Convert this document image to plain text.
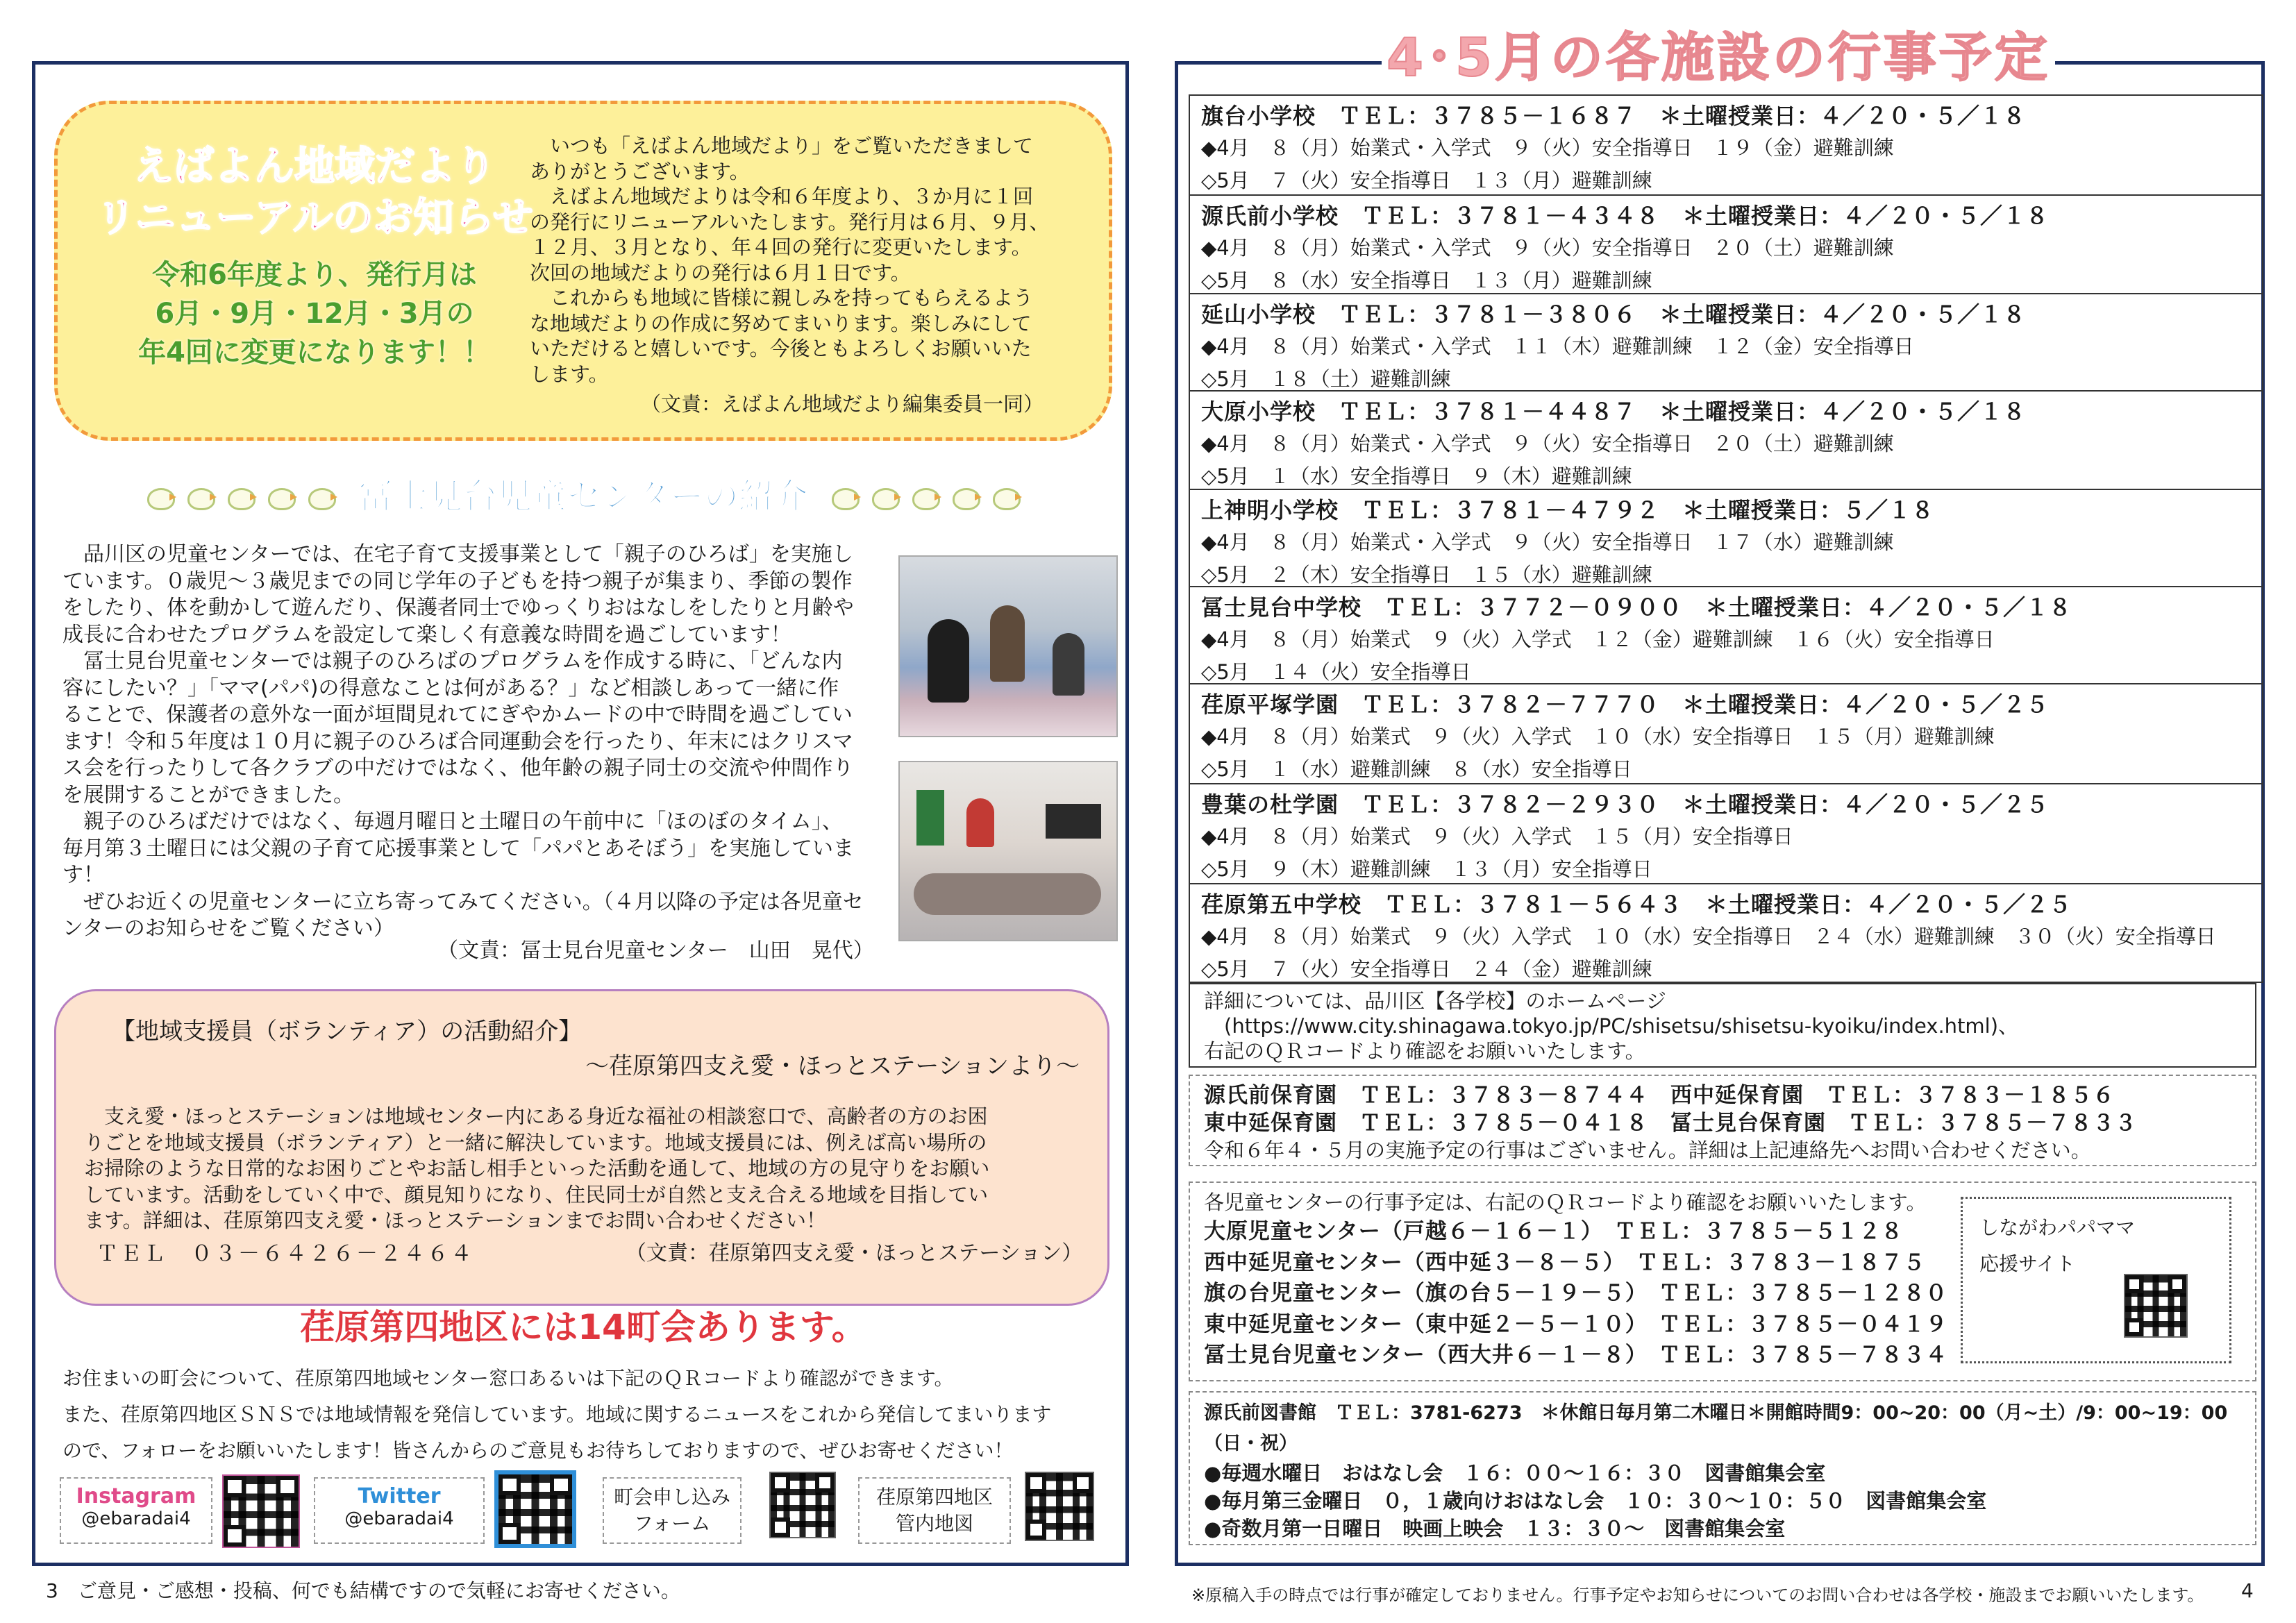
えばよん地域だより
リニューアルのお知らせ
令和6年度より、発行月は
6月・9月・12月・3月の
年4回に変更になります！！
　いつも「えばよん地域だより」をご覧いただきまして
ありがとうございます。
　えばよん地域だよりは令和６年度より、３か月に１回
の発行にリニューアルいたします。発行月は６月、９月、
１２月、３月となり、年４回の発行に変更いたします。
次回の地域だよりの発行は６月１日です。
　これからも地域に皆様に親しみを持ってもらえるよう
な地域だよりの作成に努めてまいります。楽しみにして
いただけると嬉しいです。今後ともよろしくお願いいた
します。
（文責：えばよん地域だより編集委員一同）
冨士見台児童センターの紹介
　品川区の児童センターでは、在宅子育て支援事業として「親子のひろば」を実施し
ています。０歳児～３歳児までの同じ学年の子どもを持つ親子が集まり、季節の製作
をしたり、体を動かして遊んだり、保護者同士でゆっくりおはなしをしたりと月齢や
成長に合わせたプログラムを設定して楽しく有意義な時間を過ごしています！
　冨士見台児童センターでは親子のひろばのプログラムを作成する時に、「どんな内
容にしたい？」「ママ(パパ)の得意なことは何がある？」など相談しあって一緒に作
ることで、保護者の意外な一面が垣間見れてにぎやかムードの中で時間を過ごしてい
ます！令和５年度は１０月に親子のひろば合同運動会を行ったり、年末にはクリスマ
ス会を行ったりして各クラブの中だけではなく、他年齢の親子同士の交流や仲間作り
を展開することができました。
　親子のひろばだけではなく、毎週月曜日と土曜日の午前中に「ほのぼのタイム」、
毎月第３土曜日には父親の子育て応援事業として「パパとあそぼう」を実施していま
す！
　ぜひお近くの児童センターに立ち寄ってみてください。（４月以降の予定は各児童セ
ンターのお知らせをご覧ください）
（文責：冨士見台児童センター　山田　晃代）
【地域支援員（ボランティア）の活動紹介】
～荏原第四支え愛・ほっとステーションより～
　支え愛・ほっとステーションは地域センター内にある身近な福祉の相談窓口で、高齢者の方のお困
りごとを地域支援員（ボランティア）と一緒に解決しています。地域支援員には、例えば高い場所の
お掃除のような日常的なお困りごとやお話し相手といった活動を通して、地域の方の見守りをお願い
しています。活動をしていく中で、顔見知りになり、住民同士が自然と支え合える地域を目指してい
ます。詳細は、荏原第四支え愛・ほっとステーションまでお問い合わせください！
ＴＥＬ　０３－６４２６－２４６４	（文責：荏原第四支え愛・ほっとステーション）
荏原第四地区には14町会あります。
お住まいの町会について、荏原第四地域センター窓口あるいは下記のＱＲコードより確認ができます。
また、荏原第四地区ＳＮＳでは地域情報を発信しています。地域に関するニュースをこれから発信してまいります
ので、フォローをお願いいたします！皆さんからのご意見もお待ちしておりますので、ぜひお寄せください！
Instagram
@ebaradai4
Twitter
@ebaradai4
町会申し込み
フォーム
荏原第四地区
管内地図
3　 ご意見・ご感想・投稿、何でも結構ですので気軽にお寄せください。
4･5月の各施設の行事予定
旗台小学校　ＴＥＬ：３７８５－１６８７　＊土曜授業日：４／２０・５／１８
◆4月　８（月）始業式・入学式　９（火）安全指導日　１９（金）避難訓練
◇5月　７（火）安全指導日　１３（月）避難訓練
源氏前小学校　ＴＥＬ：３７８１－４３４８　＊土曜授業日：４／２０・５／１８
◆4月　８（月）始業式・入学式　９（火）安全指導日　２０（土）避難訓練
◇5月　８（水）安全指導日　１３（月）避難訓練
延山小学校　ＴＥＬ：３７８１－３８０６　＊土曜授業日：４／２０・５／１８
◆4月　８（月）始業式・入学式　１１（木）避難訓練　１２（金）安全指導日
◇5月　１８（土）避難訓練
大原小学校　ＴＥＬ：３７８１－４４８７　＊土曜授業日：４／２０・５／１８
◆4月　８（月）始業式・入学式　９（火）安全指導日　２０（土）避難訓練
◇5月　１（水）安全指導日　９（木）避難訓練
上神明小学校　ＴＥＬ：３７８１－４７９２　＊土曜授業日：５／１８
◆4月　８（月）始業式・入学式　９（火）安全指導日　１７（水）避難訓練
◇5月　２（木）安全指導日　１５（水）避難訓練
冨士見台中学校　ＴＥＬ：３７７２－０９００　＊土曜授業日：４／２０・５／１８
◆4月　８（月）始業式　９（火）入学式　１２（金）避難訓練　１６（火）安全指導日
◇5月　１４（火）安全指導日
荏原平塚学園　ＴＥＬ：３７８２－７７７０　＊土曜授業日：４／２０・５／２５
◆4月　８（月）始業式　９（火）入学式　１０（水）安全指導日　１５（月）避難訓練
◇5月　１（水）避難訓練　８（水）安全指導日
豊葉の杜学園　ＴＥＬ：３７８２－２９３０　＊土曜授業日：４／２０・５／２５
◆4月　８（月）始業式　９（火）入学式　１５（月）安全指導日
◇5月　９（木）避難訓練　１３（月）安全指導日
荏原第五中学校　ＴＥＬ：３７８１－５６４３　＊土曜授業日：４／２０・５／２５
◆4月　８（月）始業式　９（火）入学式　１０（水）安全指導日　２４（水）避難訓練　３０（火）安全指導日
◇5月　７（火）安全指導日　２４（金）避難訓練
詳細については、品川区【各学校】のホームページ
　(https://www.city.shinagawa.tokyo.jp/PC/shisetsu/shisetsu-kyoiku/index.html)、
右記のＱＲコードより確認をお願いいたします。
源氏前保育園　ＴＥＬ：３７８３－８７４４　西中延保育園　ＴＥＬ：３７８３－１８５６
東中延保育園　ＴＥＬ：３７８５－０４１８　冨士見台保育園　ＴＥＬ：３７８５－７８３３
令和６年４・５月の実施予定の行事はございません。詳細は上記連絡先へお問い合わせください。
各児童センターの行事予定は、右記のＱＲコードより確認をお願いいたします。
大原児童センター（戸越６－１６－１）　ＴＥＬ：３７８５－５１２８
西中延児童センター（西中延３－８－５）　ＴＥＬ：３７８３－１８７５
旗の台児童センター（旗の台５－１９－５）　ＴＥＬ：３７８５－１２８０
東中延児童センター（東中延２－５－１０）　ＴＥＬ：３７８５－０４１９
冨士見台児童センター（西大井６－１－８）　ＴＥＬ：３７８５－７８３４
しながわパパママ
応援サイト
源氏前図書館　ＴＥＬ：3781-6273　＊休館日毎月第二木曜日＊開館時間9：00~20：00（月~土）/9：00~19：00（日・祝）
●毎週水曜日　おはなし会　１６：００～１６：３０　図書館集会室
●毎月第三金曜日　０，１歳向けおはなし会　１０：３０～１０：５０　図書館集会室
●奇数月第一日曜日　映画上映会　１３：３０～　図書館集会室
※原稿入手の時点では行事が確定しておりません。行事予定やお知らせについてのお問い合わせは各学校・施設までお願いいたします。 4
